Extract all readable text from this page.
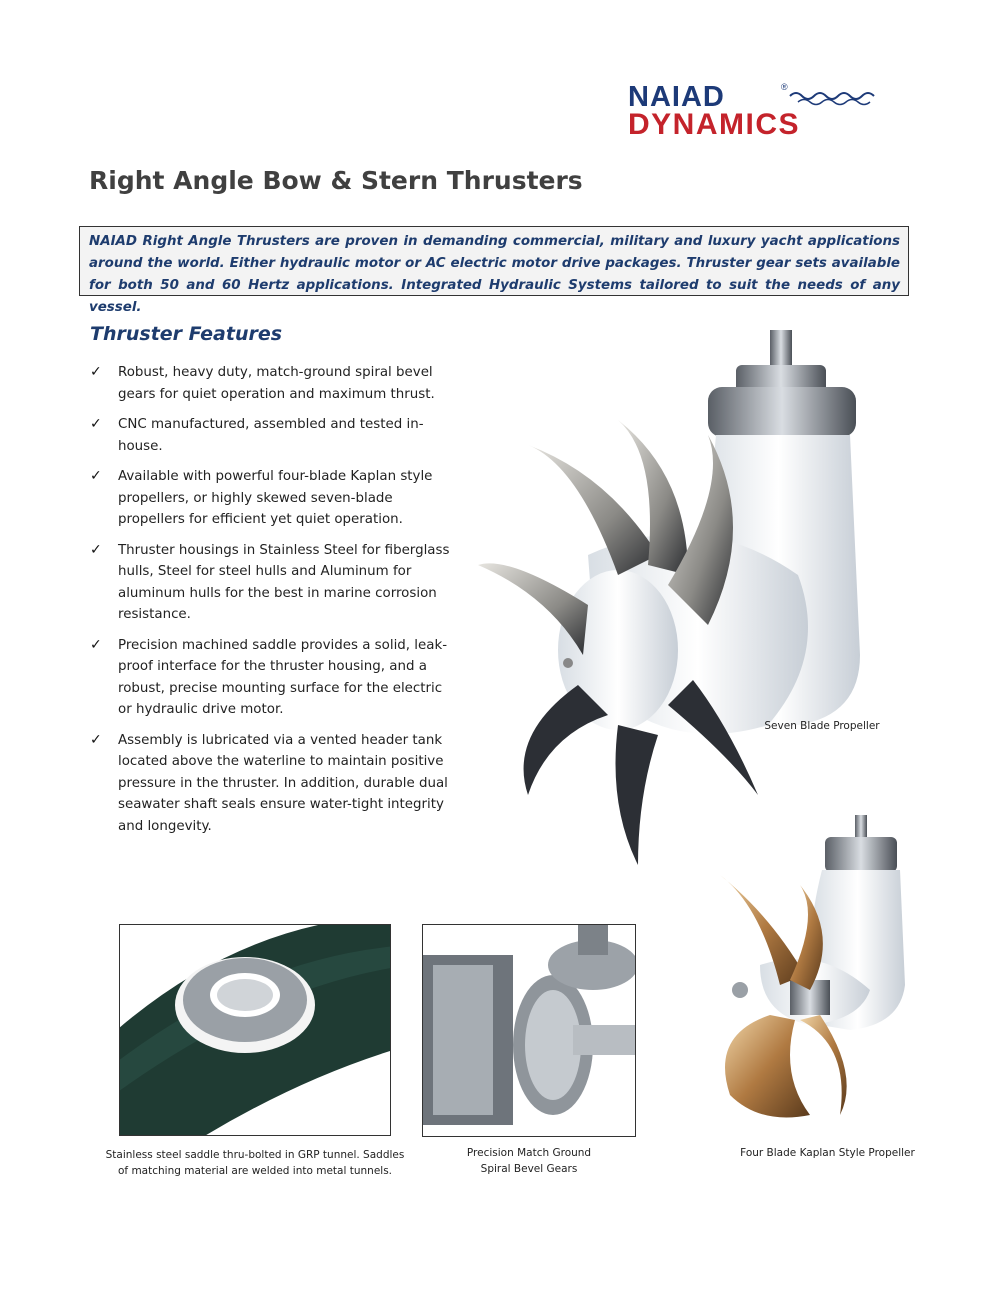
NAIAD	®
DYNAMICS
Right Angle Bow & Stern Thrusters

NAIAD Right Angle Thrusters are proven in demanding commercial, military and luxury yacht applications around the world. Either hydraulic motor or AC electric motor drive packages. Thruster gear sets available for both 50 and 60 Hertz applications. Integrated Hydraulic Systems tailored to suit the needs of any vessel.

Thruster Features
✓ Robust, heavy duty, match-ground spiral bevel gears for quiet operation and maximum thrust.
✓ CNC manufactured, assembled and tested in-house.
✓ Available with powerful four-blade Kaplan style propellers, or highly skewed seven-blade propellers for efficient yet quiet operation.
✓ Thruster housings in Stainless Steel for fiberglass hulls, Steel for steel hulls and Aluminum for aluminum hulls for the best in marine corrosion resistance.
✓ Precision machined saddle provides a solid, leak-proof interface for the thruster housing, and a robust, precise mounting surface for the electric or hydraulic drive motor.
✓ Assembly is lubricated via a vented header tank located above the waterline to maintain positive pressure in the thruster. In addition, durable dual seawater shaft seals ensure water-tight integrity and longevity.
Seven Blade Propeller
Stainless steel saddle thru-bolted in GRP tunnel. Saddles
of matching material are welded into metal tunnels.
Precision Match Ground
Spiral Bevel Gears
Four Blade Kaplan Style Propeller
